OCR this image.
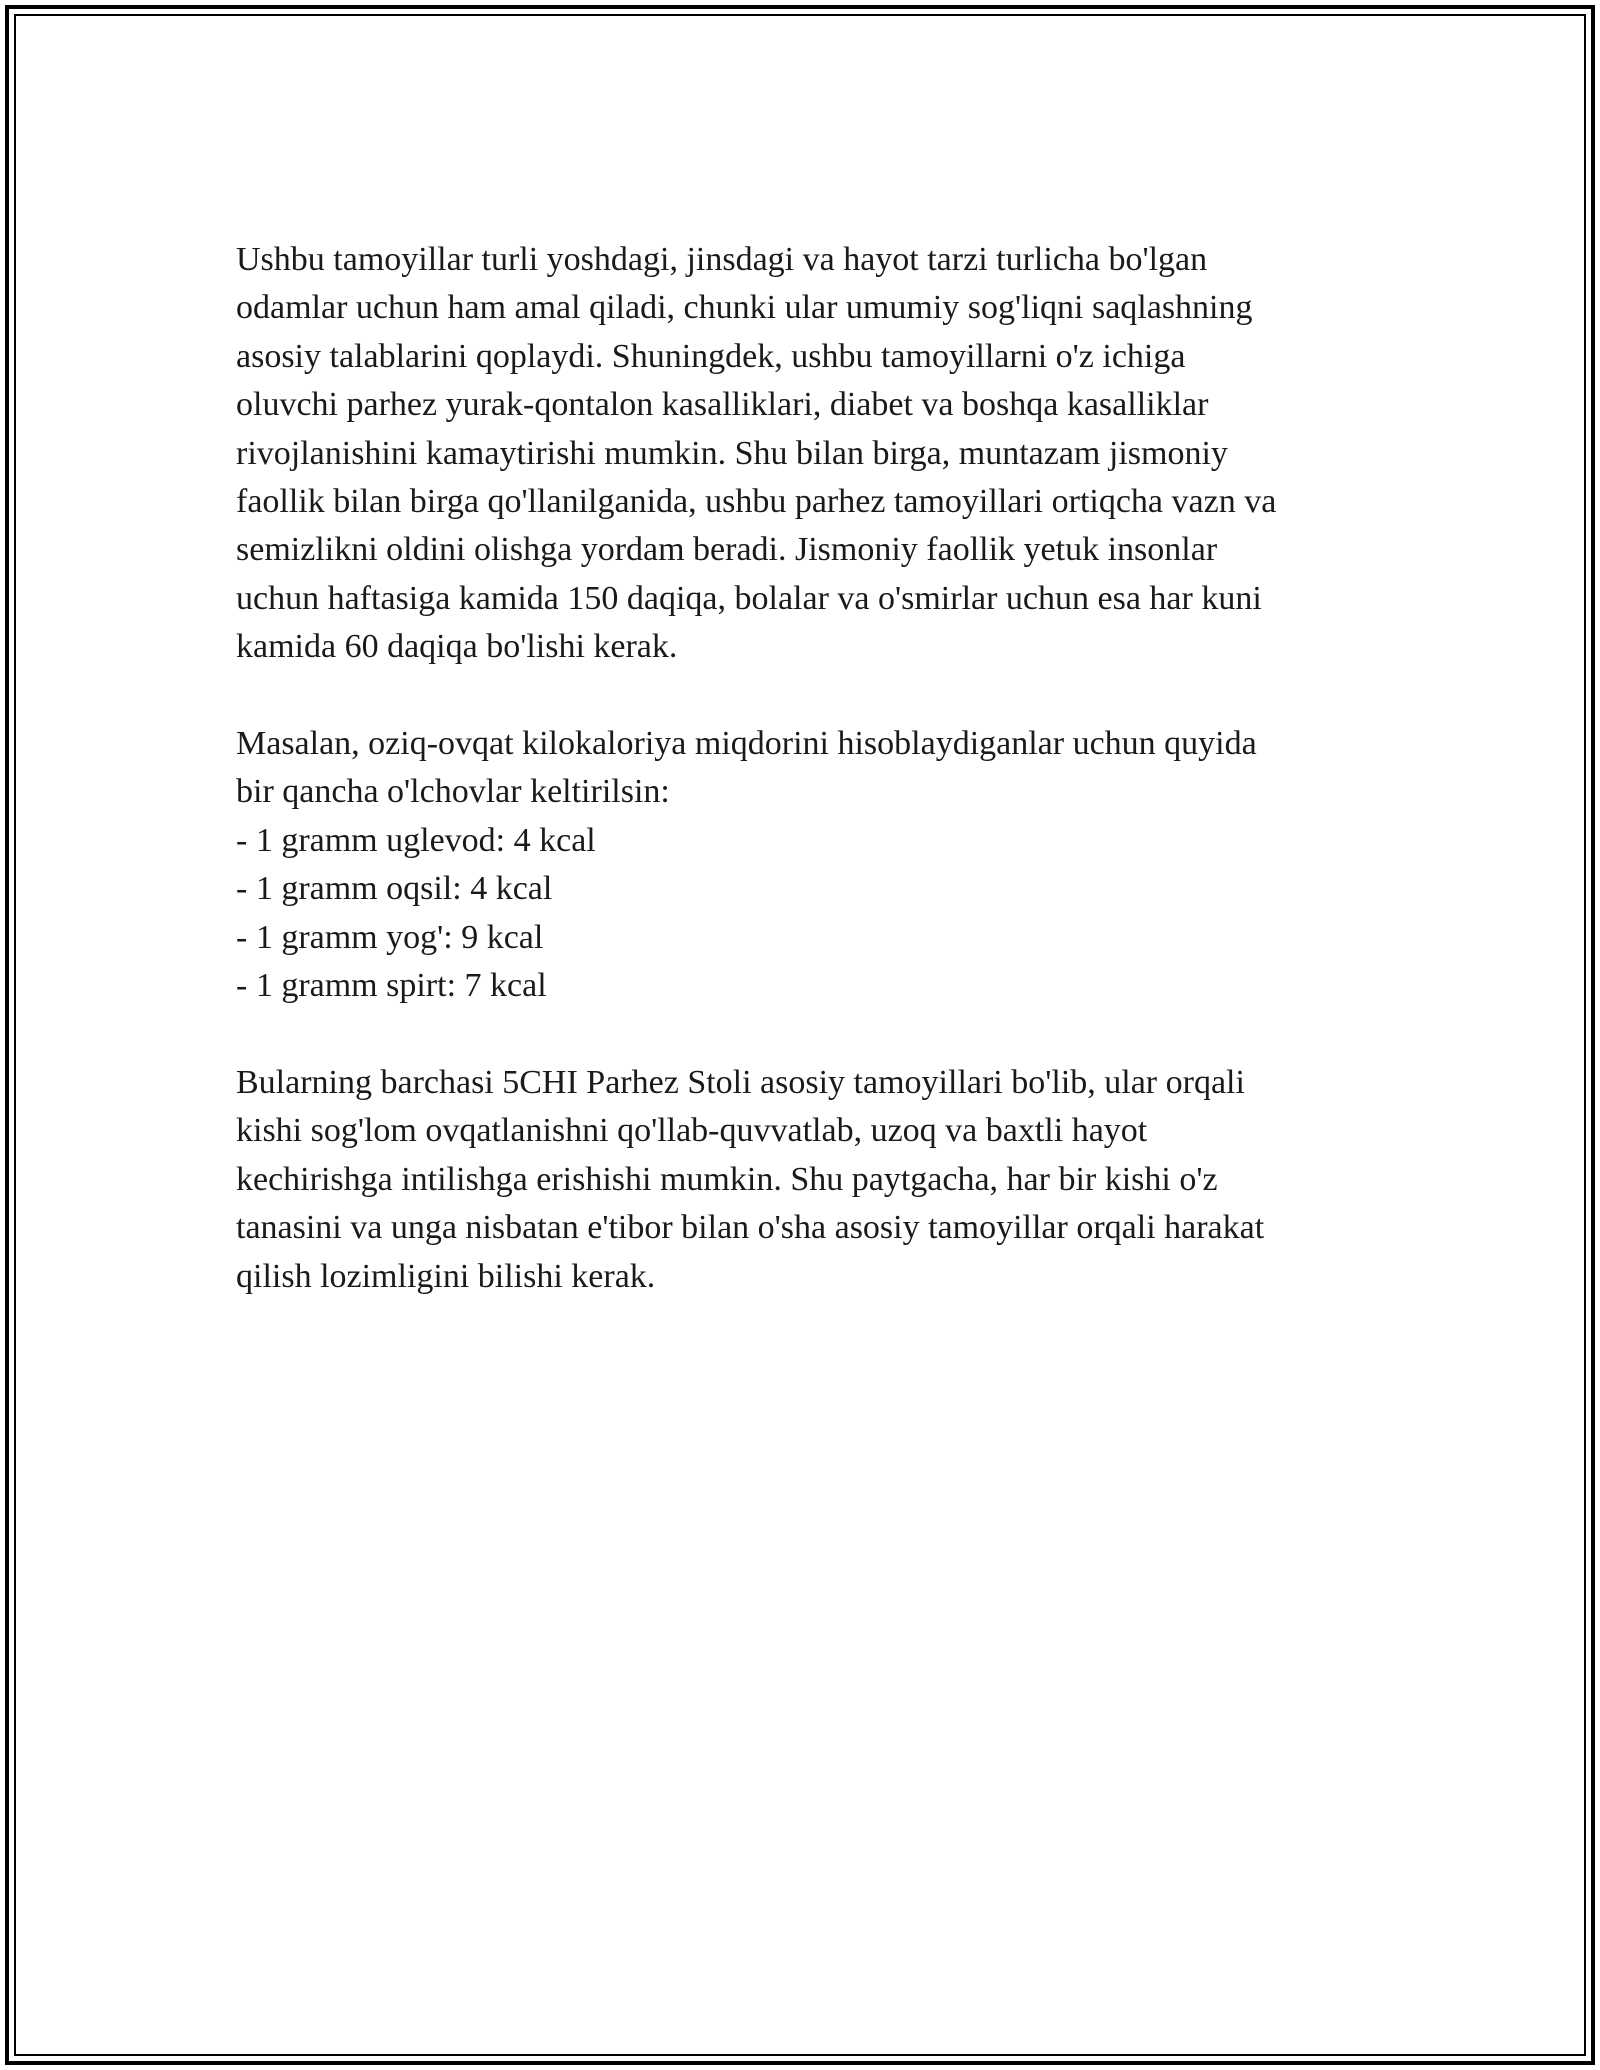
Ushbu tamoyillar turli yoshdagi, jinsdagi va hayot tarzi turlicha bo'lgan

odamlar uchun ham amal qiladi, chunki ular umumiy sog'liqni saqlashning

asosiy talablarini qoplaydi. Shuningdek, ushbu tamoyillarni o'z ichiga

oluvchi parhez yurak-qontalon kasalliklari, diabet va boshqa kasalliklar

rivojlanishini kamaytirishi mumkin. Shu bilan birga, muntazam jismoniy

faollik bilan birga qo'llanilganida, ushbu parhez tamoyillari ortiqcha vazn va

semizlikni oldini olishga yordam beradi. Jismoniy faollik yetuk insonlar

uchun haftasiga kamida 150 daqiqa, bolalar va o'smirlar uchun esa har kuni

kamida 60 daqiqa bo'lishi kerak.

Masalan, oziq-ovqat kilokaloriya miqdorini hisoblaydiganlar uchun quyida

bir qancha o'lchovlar keltirilsin:

- 1 gramm uglevod: 4 kcal

- 1 gramm oqsil: 4 kcal

- 1 gramm yog': 9 kcal

- 1 gramm spirt: 7 kcal

Bularning barchasi 5CHI Parhez Stoli asosiy tamoyillari bo'lib, ular orqali

kishi sog'lom ovqatlanishni qo'llab-quvvatlab, uzoq va baxtli hayot

kechirishga intilishga erishishi mumkin. Shu paytgacha, har bir kishi o'z

tanasini va unga nisbatan e'tibor bilan o'sha asosiy tamoyillar orqali harakat

qilish lozimligini bilishi kerak.
